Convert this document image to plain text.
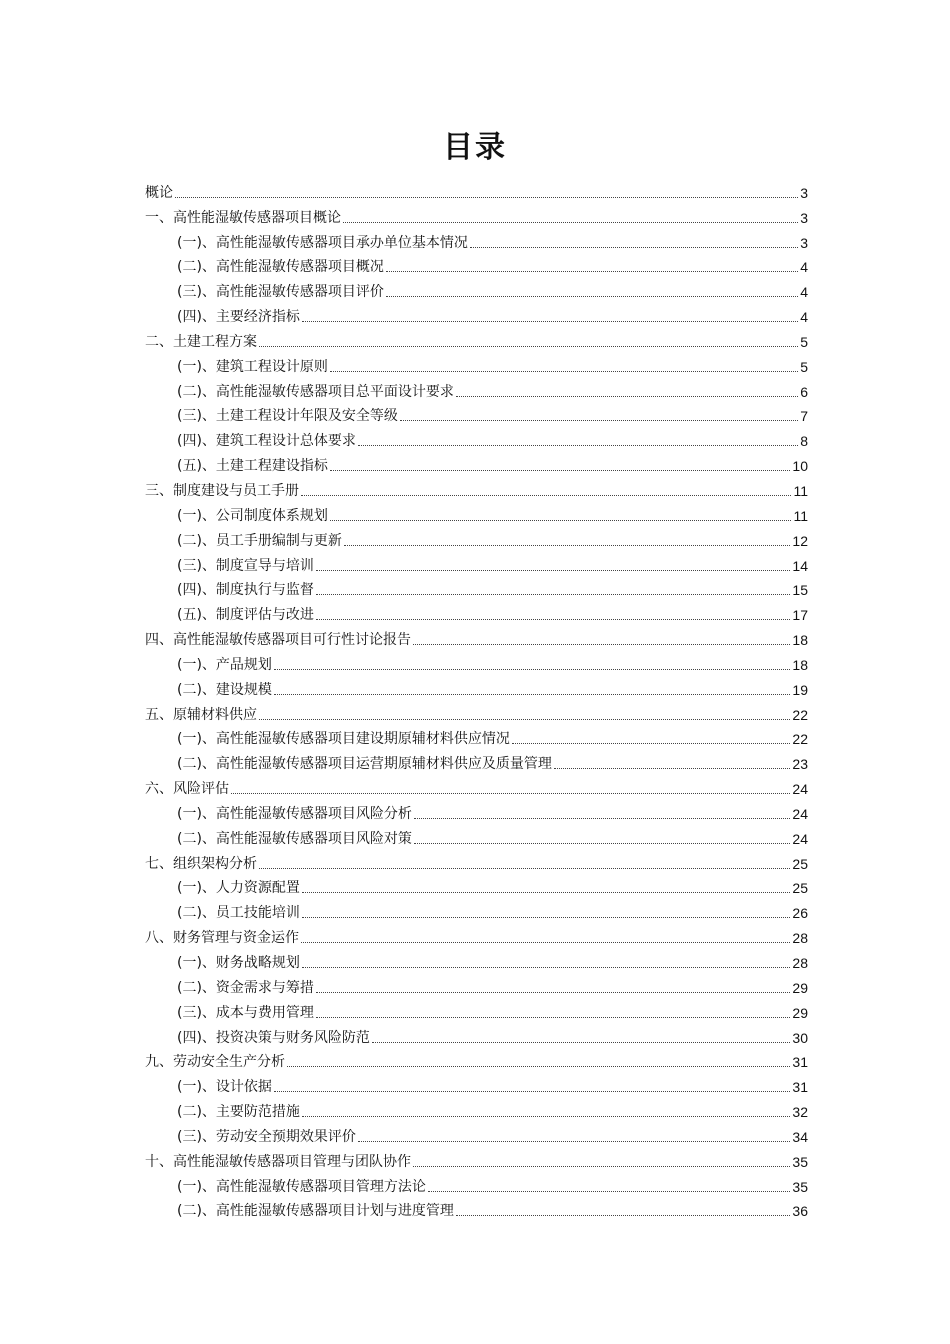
目录
概论	3
一、高性能湿敏传感器项目概论	3
(一)、高性能湿敏传感器项目承办单位基本情况	3
(二)、高性能湿敏传感器项目概况	4
(三)、高性能湿敏传感器项目评价	4
(四)、主要经济指标	4
二、土建工程方案	5
(一)、建筑工程设计原则	5
(二)、高性能湿敏传感器项目总平面设计要求	6
(三)、土建工程设计年限及安全等级	7
(四)、建筑工程设计总体要求	8
(五)、土建工程建设指标	10
三、制度建设与员工手册	11
(一)、公司制度体系规划	11
(二)、员工手册编制与更新	12
(三)、制度宣导与培训	14
(四)、制度执行与监督	15
(五)、制度评估与改进	17
四、高性能湿敏传感器项目可行性讨论报告	18
(一)、产品规划	18
(二)、建设规模	19
五、原辅材料供应	22
(一)、高性能湿敏传感器项目建设期原辅材料供应情况	22
(二)、高性能湿敏传感器项目运营期原辅材料供应及质量管理	23
六、风险评估	24
(一)、高性能湿敏传感器项目风险分析	24
(二)、高性能湿敏传感器项目风险对策	24
七、组织架构分析	25
(一)、人力资源配置	25
(二)、员工技能培训	26
八、财务管理与资金运作	28
(一)、财务战略规划	28
(二)、资金需求与筹措	29
(三)、成本与费用管理	29
(四)、投资决策与财务风险防范	30
九、劳动安全生产分析	31
(一)、设计依据	31
(二)、主要防范措施	32
(三)、劳动安全预期效果评价	34
十、高性能湿敏传感器项目管理与团队协作	35
(一)、高性能湿敏传感器项目管理方法论	35
(二)、高性能湿敏传感器项目计划与进度管理	36
